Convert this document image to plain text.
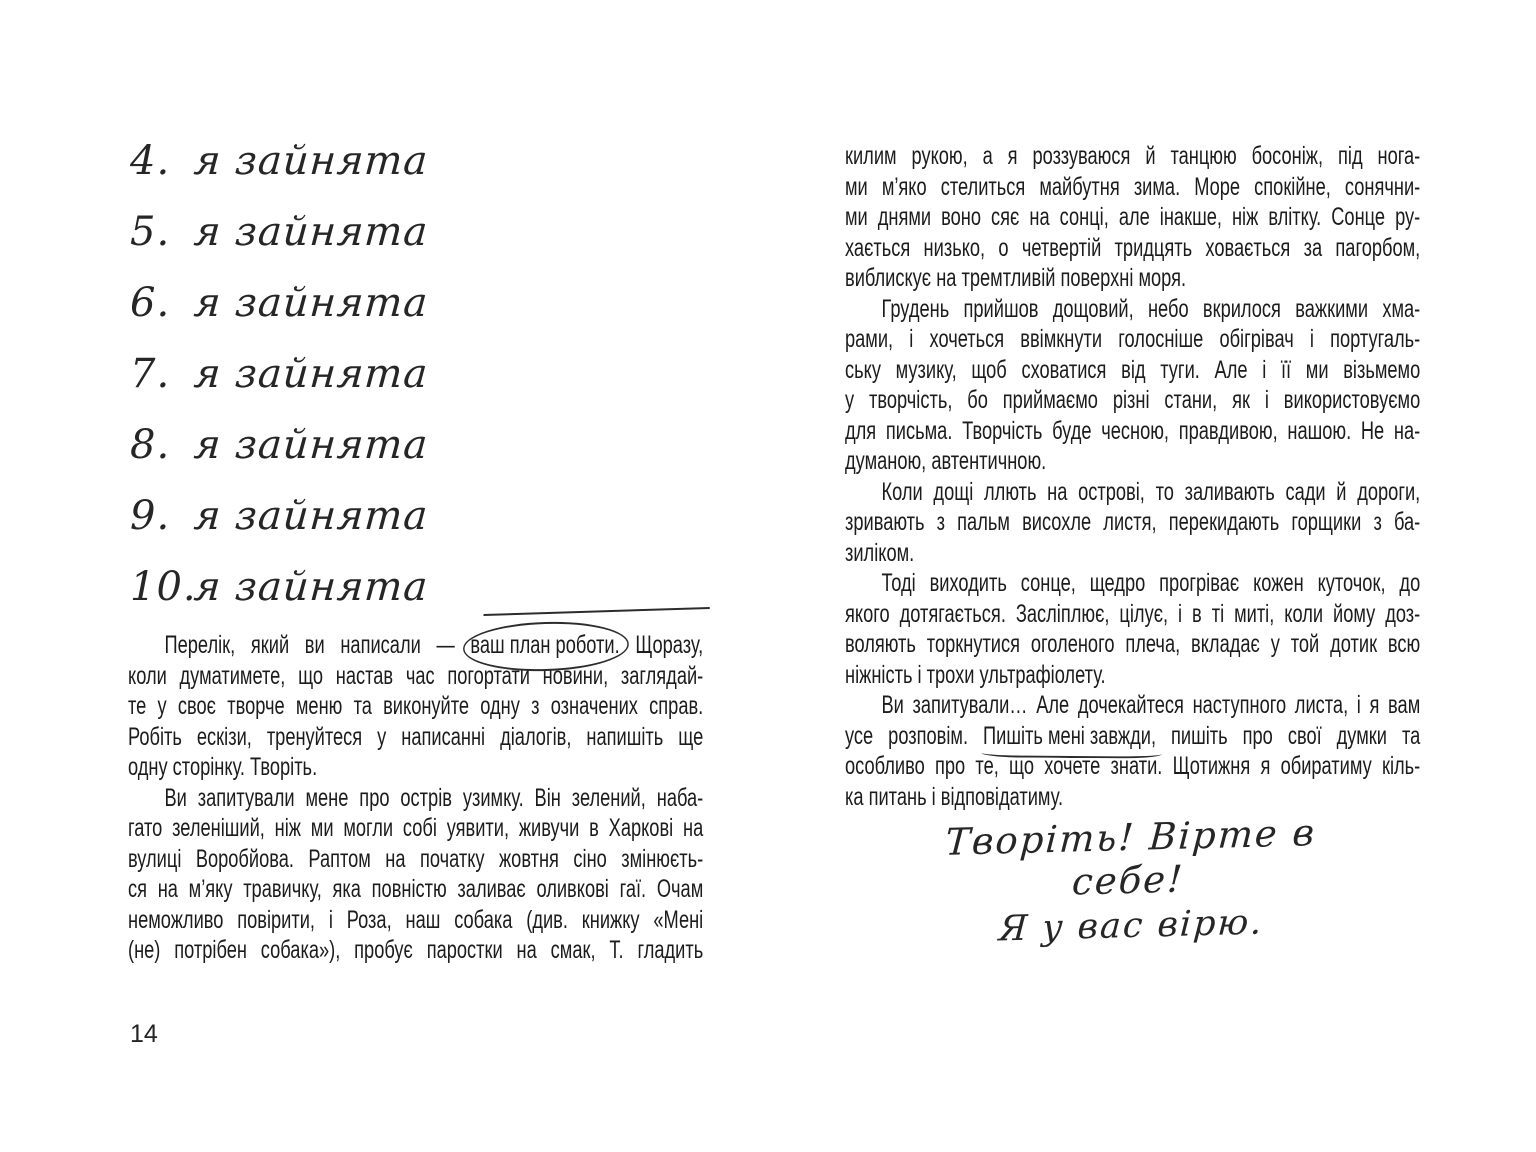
4. я зайнята
5. я зайнята
6. я зайнята
7. я зайнята
8. я зайнята
9. я зайнята
10.
я зайнята
Перелік, який ви написали —
ваш план роботи. Щоразу,
коли думатимете, що настав час погортати новини, заглядай-
те у своє творче меню та виконуйте одну з означених справ.
Робіть ескізи, тренуйтеся у написанні діалогів, напишіть ще
одну сторінку. Творіть.
Ви запитували мене про острів узимку. Він зелений, наба-
гато зеленіший, ніж ми могли собі уявити, живучи в Харкові на
вулиці Воробйова. Раптом на початку жовтня сіно змінюєть-
ся на м’яку травичку, яка повністю заливає оливкові гаї. Очам
неможливо повірити, і Роза, наш собака (див. книжку «Мені
(не) потрібен собака»), пробує паростки на смак, Т. гладить
14
килим рукою, а я роззуваюся й танцюю босоніж, під нога-
ми м’яко стелиться майбутня зима. Море спокійне, сонячни-
ми днями воно сяє на сонці, але інакше, ніж влітку. Сонце ру-
хається низько, о четвертій тридцять ховається за пагорбом,
виблискує на тремтливій поверхні моря.
Грудень прийшов дощовий, небо вкрилося важкими хма-
рами, і хочеться ввімкнути голосніше обігрівач і португаль-
ську музику, щоб сховатися від туги. Але і її ми візьмемо
у творчість, бо приймаємо різні стани, як і використовуємо
для письма. Творчість буде чесною, правдивою, нашою. Не на-
думаною, автентичною.
Коли дощі ллють на острові, то заливають сади й дороги,
зривають з пальм висохле листя, перекидають горщики з ба-
зиліком.
Тоді виходить сонце, щедро прогріває кожен куточок, до
якого дотягається. Засліплює, цілує, і в ті миті, коли йому доз-
воляють торкнутися оголеного плеча, вкладає у той дотик всю
ніжність і трохи ультрафіолету.
Ви запитували… Але дочекайтеся наступного листа, і я вам
усе розповім.
Пишіть мені завжди, пишіть про свої думки та
особливо про те, що хочете знати. Щотижня я обиратиму кіль-
ка питань і відповідатиму.
Творіть! Вірте в себе!
Я у вас вірю.
